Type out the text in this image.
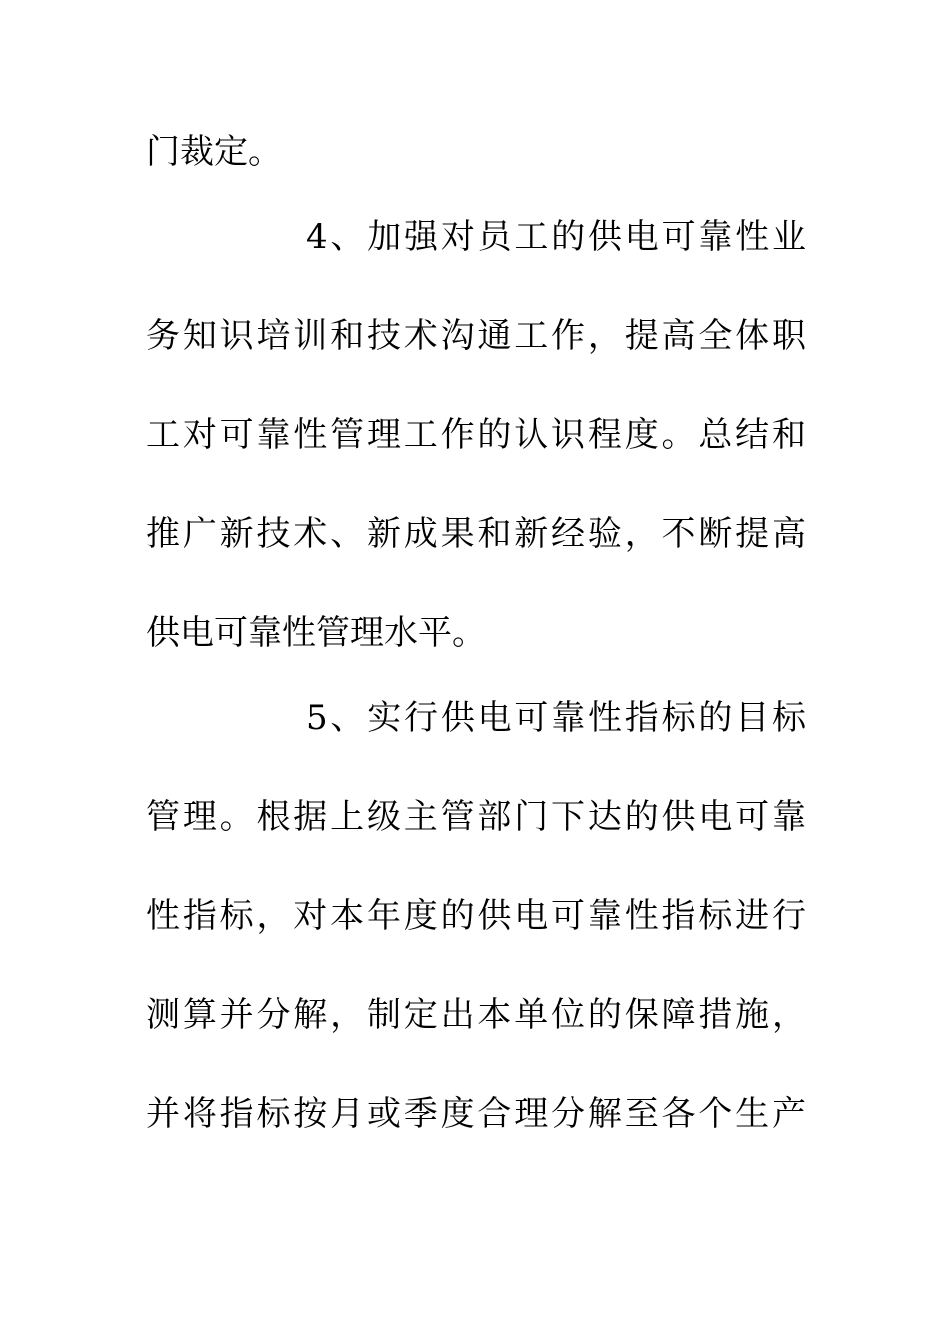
门裁定。
4、加强对员工的供电可靠性业
务知识培训和技术沟通工作，提高全体职
工对可靠性管理工作的认识程度。总结和
推广新技术、新成果和新经验，不断提高
供电可靠性管理水平。
5、实行供电可靠性指标的目标
管理。根据上级主管部门下达的供电可靠
性指标，对本年度的供电可靠性指标进行
测算并分解，制定出本单位的保障措施，
并将指标按月或季度合理分解至各个生产
